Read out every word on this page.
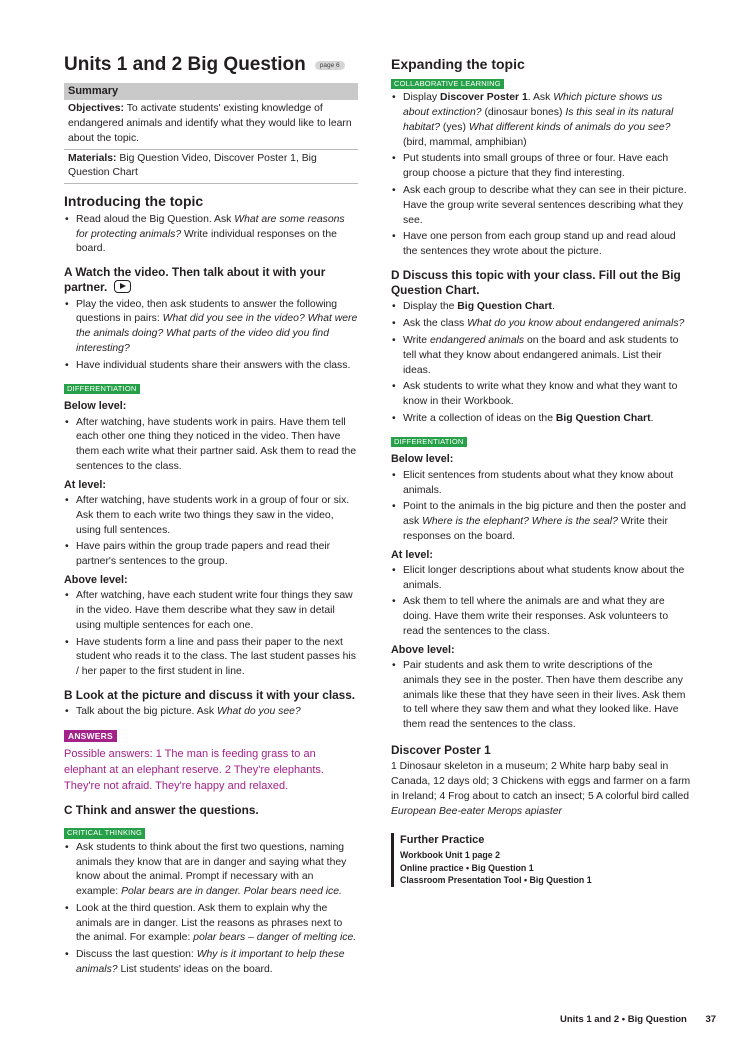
Units 1 and 2 Big Question	page 6
Summary
Objectives: To activate students' existing knowledge of endangered animals and identify what they would like to learn about the topic.
Materials: Big Question Video, Discover Poster 1, Big Question Chart
Introducing the topic
• Read aloud the Big Question. Ask What are some reasons for protecting animals? Write individual responses on the board.
A Watch the video. Then talk about it with your partner.
• Play the video, then ask students to answer the following questions in pairs: What did you see in the video? What were the animals doing? What parts of the video did you find interesting?
• Have individual students share their answers with the class.
DIFFERENTIATION
Below level:
• After watching, have students work in pairs. Have them tell each other one thing they noticed in the video. Then have them each write what their partner said. Ask them to read the sentences to the class.
At level:
• After watching, have students work in a group of four or six. Ask them to each write two things they saw in the video, using full sentences.
• Have pairs within the group trade papers and read their partner's sentences to the group.
Above level:
• After watching, have each student write four things they saw in the video. Have them describe what they saw in detail using multiple sentences for each one.
• Have students form a line and pass their paper to the next student who reads it to the class. The last student passes his / her paper to the first student in line.
B Look at the picture and discuss it with your class.
• Talk about the big picture. Ask What do you see?
ANSWERS
Possible answers: 1 The man is feeding grass to an elephant at an elephant reserve. 2 They're elephants. They're not afraid. They're happy and relaxed.
C Think and answer the questions.
CRITICAL THINKING
• Ask students to think about the first two questions, naming animals they know that are in danger and saying what they know about the animal. Prompt if necessary with an example: Polar bears are in danger. Polar bears need ice.
• Look at the third question. Ask them to explain why the animals are in danger. List the reasons as phrases next to the animal. For example: polar bears – danger of melting ice.
• Discuss the last question: Why is it important to help these animals? List students' ideas on the board.
Expanding the topic
COLLABORATIVE LEARNING
• Display Discover Poster 1. Ask Which picture shows us about extinction? (dinosaur bones) Is this seal in its natural habitat? (yes) What different kinds of animals do you see? (bird, mammal, amphibian)
• Put students into small groups of three or four. Have each group choose a picture that they find interesting.
• Ask each group to describe what they can see in their picture. Have the group write several sentences describing what they see.
• Have one person from each group stand up and read aloud the sentences they wrote about the picture.
D Discuss this topic with your class. Fill out the Big Question Chart.
• Display the Big Question Chart.
• Ask the class What do you know about endangered animals?
• Write endangered animals on the board and ask students to tell what they know about endangered animals. List their ideas.
• Ask students to write what they know and what they want to know in their Workbook.
• Write a collection of ideas on the Big Question Chart.
DIFFERENTIATION
Below level:
• Elicit sentences from students about what they know about animals.
• Point to the animals in the big picture and then the poster and ask Where is the elephant? Where is the seal? Write their responses on the board.
At level:
• Elicit longer descriptions about what students know about the animals.
• Ask them to tell where the animals are and what they are doing. Have them write their responses. Ask volunteers to read the sentences to the class.
Above level:
• Pair students and ask them to write descriptions of the animals they see in the poster. Then have them describe any animals like these that they have seen in their lives. Ask them to tell where they saw them and what they looked like. Have them read the sentences to the class.
Discover Poster 1

1 Dinosaur skeleton in a museum; 2 White harp baby seal in Canada, 12 days old; 3 Chickens with eggs and farmer on a farm in Ireland; 4 Frog about to catch an insect; 5 A colorful bird called European Bee-eater Merops apiaster

Further Practice
Workbook Unit 1 page 2
Online practice • Big Question 1
Classroom Presentation Tool • Big Question 1
Units 1 and 2 • Big Question 37
